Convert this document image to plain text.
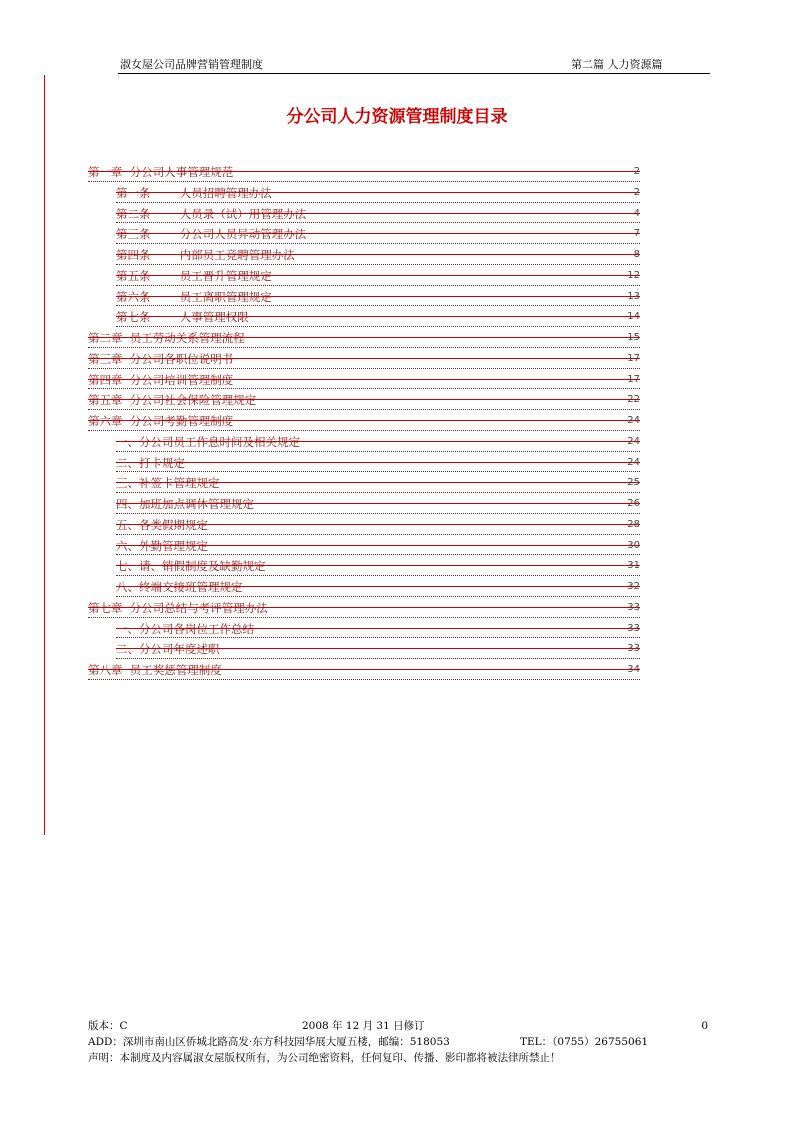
淑女屋公司品牌营销管理制度	第二篇 人力资源篇
分公司人力资源管理制度目录
第一章  分公司人事管理规范	2
第一条        人员招聘管理办法	2
第二条        人员录（试）用管理办法	4
第三条        分公司人员异动管理办法	7
第四条        内部员工竞聘管理办法	8
第五条        员工晋升管理规定	12
第六条        员工离职管理规定	13
第七条        人事管理权限	14
第二章  员工劳动关系管理流程	15
第三章  分公司各职位说明书	17
第四章  分公司培训管理制度	17
第五章  分公司社会保险管理规定	22
第六章  分公司考勤管理制度	24
一、分公司员工作息时间及相关规定	24
二、打卡规定	24
三、补签卡管理规定	25
四、加班加点调休管理规定	26
五、各类假期规定	28
六、外勤管理规定	30
七、请、销假制度及缺勤规定	31
八、终端交接班管理规定	32
第七章  分公司总结与考评管理办法	33
一、分公司各岗位工作总结	33
二、分公司年度述职	33
第八章  员工奖惩管理制度	34
版本：C	2008 年 12 月 31 日修订	0
ADD：深圳市南山区侨城北路高发·东方科技园华展大厦五楼，邮编：518053	TEL：（0755）26755061
声明：本制度及内容属淑女屋版权所有，为公司绝密资料，任何复印、传播、影印都将被法律所禁止！
